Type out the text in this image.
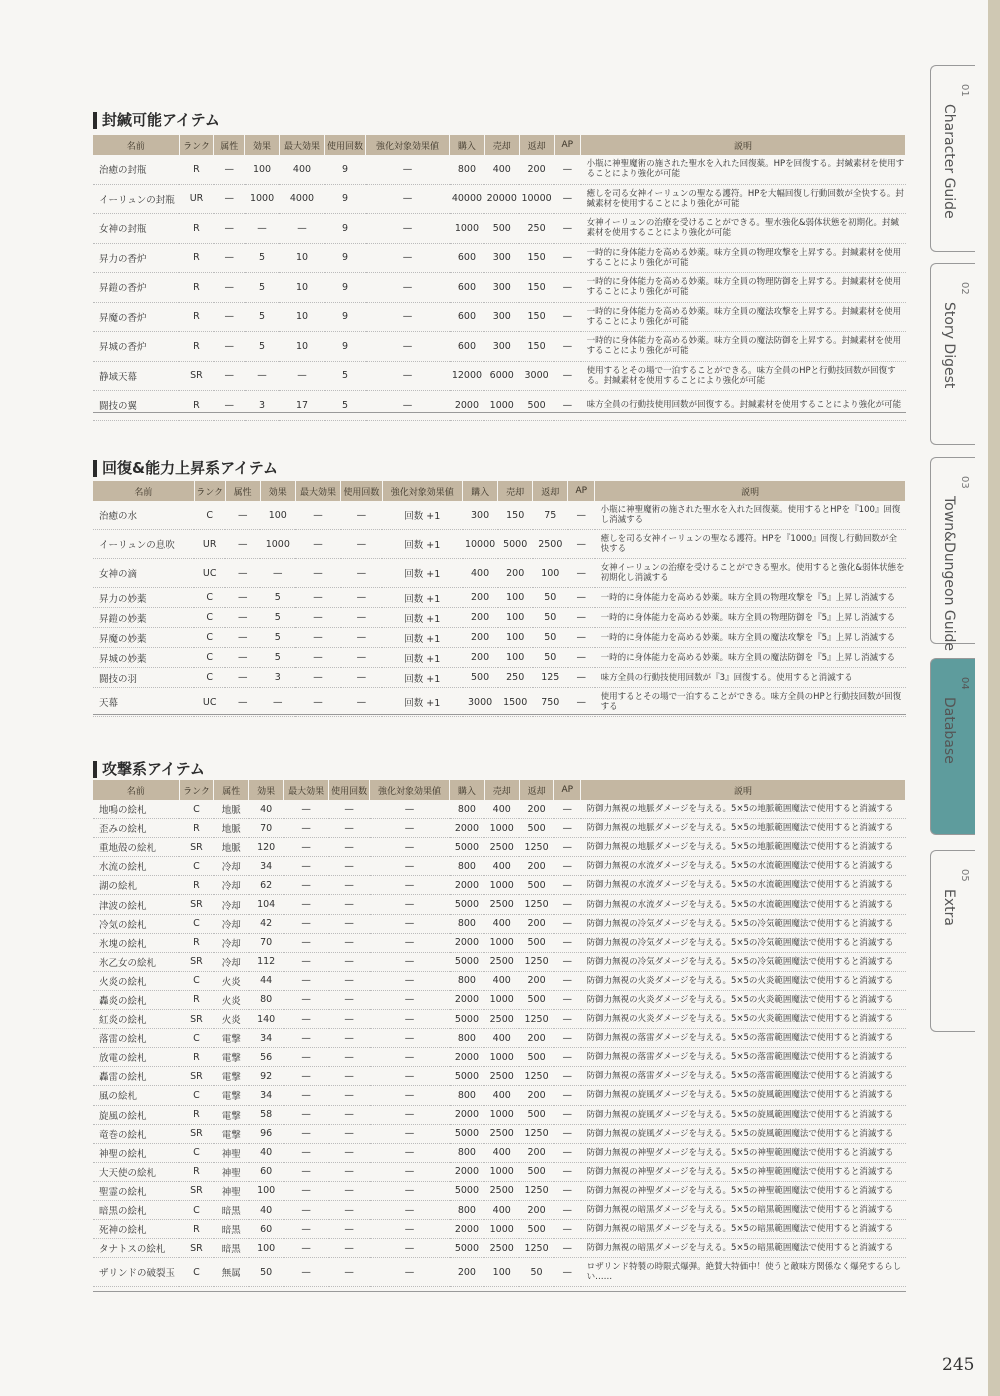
封緘可能アイテム
名前	ランク	属性	効果	最大効果	使用回数	強化対象効果値	購入	売却	返却	AP	説明
治癒の封瓶	R	—	100	400	9	—	800	400	200	—	小瓶に神聖魔術の施された聖水を入れた回復薬。HPを回復する。封緘素材を使用することにより強化が可能
イーリュンの封瓶	UR	—	1000	4000	9	—	40000	20000	10000	—	癒しを司る女神イーリュンの聖なる護符。HPを大幅回復し行動回数が全快する。封緘素材を使用することにより強化が可能
女神の封瓶	R	—	—	—	9	—	1000	500	250	—	女神イーリュンの治療を受けることができる。聖水強化&弱体状態を初期化。封緘素材を使用することにより強化が可能
昇力の香炉	R	—	5	10	9	—	600	300	150	—	一時的に身体能力を高める妙薬。味方全員の物理攻撃を上昇する。封緘素材を使用することにより強化が可能
昇鎧の香炉	R	—	5	10	9	—	600	300	150	—	一時的に身体能力を高める妙薬。味方全員の物理防御を上昇する。封緘素材を使用することにより強化が可能
昇魔の香炉	R	—	5	10	9	—	600	300	150	—	一時的に身体能力を高める妙薬。味方全員の魔法攻撃を上昇する。封緘素材を使用することにより強化が可能
昇城の香炉	R	—	5	10	9	—	600	300	150	—	一時的に身体能力を高める妙薬。味方全員の魔法防御を上昇する。封緘素材を使用することにより強化が可能
静域天幕	SR	—	—	—	5	—	12000	6000	3000	—	使用するとその場で一泊することができる。味方全員のHPと行動技回数が回復する。封緘素材を使用することにより強化が可能
闘技の翼	R	—	3	17	5	—	2000	1000	500	—	味方全員の行動技使用回数が回復する。封緘素材を使用することにより強化が可能
回復&能力上昇系アイテム
名前	ランク	属性	効果	最大効果	使用回数	強化対象効果値	購入	売却	返却	AP	説明
治癒の水	C	—	100	—	—	回数 +1	300	150	75	—	小瓶に神聖魔術の施された聖水を入れた回復薬。使用するとHPを『100』回復し消滅する
イーリュンの息吹	UR	—	1000	—	—	回数 +1	10000	5000	2500	—	癒しを司る女神イーリュンの聖なる護符。HPを『1000』回復し行動回数が全快する
女神の滴	UC	—	—	—	—	回数 +1	400	200	100	—	女神イーリュンの治療を受けることができる聖水。使用すると強化&弱体状態を初期化し消滅する
昇力の妙薬	C	—	5	—	—	回数 +1	200	100	50	—	一時的に身体能力を高める妙薬。味方全員の物理攻撃を『5』上昇し消滅する
昇鎧の妙薬	C	—	5	—	—	回数 +1	200	100	50	—	一時的に身体能力を高める妙薬。味方全員の物理防御を『5』上昇し消滅する
昇魔の妙薬	C	—	5	—	—	回数 +1	200	100	50	—	一時的に身体能力を高める妙薬。味方全員の魔法攻撃を『5』上昇し消滅する
昇城の妙薬	C	—	5	—	—	回数 +1	200	100	50	—	一時的に身体能力を高める妙薬。味方全員の魔法防御を『5』上昇し消滅する
闘技の羽	C	—	3	—	—	回数 +1	500	250	125	—	味方全員の行動技使用回数が『3』回復する。使用すると消滅する
天幕	UC	—	—	—	—	回数 +1	3000	1500	750	—	使用するとその場で一泊することができる。味方全員のHPと行動技回数が回復する
攻撃系アイテム
名前	ランク	属性	効果	最大効果	使用回数	強化対象効果値	購入	売却	返却	AP	説明
地鳴の絵札	C	地脈	40	—	—	—	800	400	200	—	防御力無視の地脈ダメージを与える。5×5の地脈範囲魔法で使用すると消滅する
歪みの絵札	R	地脈	70	—	—	—	2000	1000	500	—	防御力無視の地脈ダメージを与える。5×5の地脈範囲魔法で使用すると消滅する
重地殻の絵札	SR	地脈	120	—	—	—	5000	2500	1250	—	防御力無視の地脈ダメージを与える。5×5の地脈範囲魔法で使用すると消滅する
水流の絵札	C	冷却	34	—	—	—	800	400	200	—	防御力無視の水流ダメージを与える。5×5の水流範囲魔法で使用すると消滅する
湖の絵札	R	冷却	62	—	—	—	2000	1000	500	—	防御力無視の水流ダメージを与える。5×5の水流範囲魔法で使用すると消滅する
津波の絵札	SR	冷却	104	—	—	—	5000	2500	1250	—	防御力無視の水流ダメージを与える。5×5の水流範囲魔法で使用すると消滅する
冷気の絵札	C	冷却	42	—	—	—	800	400	200	—	防御力無視の冷気ダメージを与える。5×5の冷気範囲魔法で使用すると消滅する
氷塊の絵札	R	冷却	70	—	—	—	2000	1000	500	—	防御力無視の冷気ダメージを与える。5×5の冷気範囲魔法で使用すると消滅する
氷乙女の絵札	SR	冷却	112	—	—	—	5000	2500	1250	—	防御力無視の冷気ダメージを与える。5×5の冷気範囲魔法で使用すると消滅する
火炎の絵札	C	火炎	44	—	—	—	800	400	200	—	防御力無視の火炎ダメージを与える。5×5の火炎範囲魔法で使用すると消滅する
轟炎の絵札	R	火炎	80	—	—	—	2000	1000	500	—	防御力無視の火炎ダメージを与える。5×5の火炎範囲魔法で使用すると消滅する
紅炎の絵札	SR	火炎	140	—	—	—	5000	2500	1250	—	防御力無視の火炎ダメージを与える。5×5の火炎範囲魔法で使用すると消滅する
落雷の絵札	C	電撃	34	—	—	—	800	400	200	—	防御力無視の落雷ダメージを与える。5×5の落雷範囲魔法で使用すると消滅する
放電の絵札	R	電撃	56	—	—	—	2000	1000	500	—	防御力無視の落雷ダメージを与える。5×5の落雷範囲魔法で使用すると消滅する
轟雷の絵札	SR	電撃	92	—	—	—	5000	2500	1250	—	防御力無視の落雷ダメージを与える。5×5の落雷範囲魔法で使用すると消滅する
風の絵札	C	電撃	34	—	—	—	800	400	200	—	防御力無視の旋風ダメージを与える。5×5の旋風範囲魔法で使用すると消滅する
旋風の絵札	R	電撃	58	—	—	—	2000	1000	500	—	防御力無視の旋風ダメージを与える。5×5の旋風範囲魔法で使用すると消滅する
竜巻の絵札	SR	電撃	96	—	—	—	5000	2500	1250	—	防御力無視の旋風ダメージを与える。5×5の旋風範囲魔法で使用すると消滅する
神聖の絵札	C	神聖	40	—	—	—	800	400	200	—	防御力無視の神聖ダメージを与える。5×5の神聖範囲魔法で使用すると消滅する
大天使の絵札	R	神聖	60	—	—	—	2000	1000	500	—	防御力無視の神聖ダメージを与える。5×5の神聖範囲魔法で使用すると消滅する
聖霊の絵札	SR	神聖	100	—	—	—	5000	2500	1250	—	防御力無視の神聖ダメージを与える。5×5の神聖範囲魔法で使用すると消滅する
暗黒の絵札	C	暗黒	40	—	—	—	800	400	200	—	防御力無視の暗黒ダメージを与える。5×5の暗黒範囲魔法で使用すると消滅する
死神の絵札	R	暗黒	60	—	—	—	2000	1000	500	—	防御力無視の暗黒ダメージを与える。5×5の暗黒範囲魔法で使用すると消滅する
タナトスの絵札	SR	暗黒	100	—	—	—	5000	2500	1250	—	防御力無視の暗黒ダメージを与える。5×5の暗黒範囲魔法で使用すると消滅する
ザリンドの破裂玉	C	無属	50	—	—	—	200	100	50	—	ロザリンド特製の時限式爆弾。絶賛大特価中！使うと敵味方関係なく爆発するらしい……
01
Character Guide
02
Story Digest
03
Town&Dungeon Guide
04
Database
05
Extra
245
